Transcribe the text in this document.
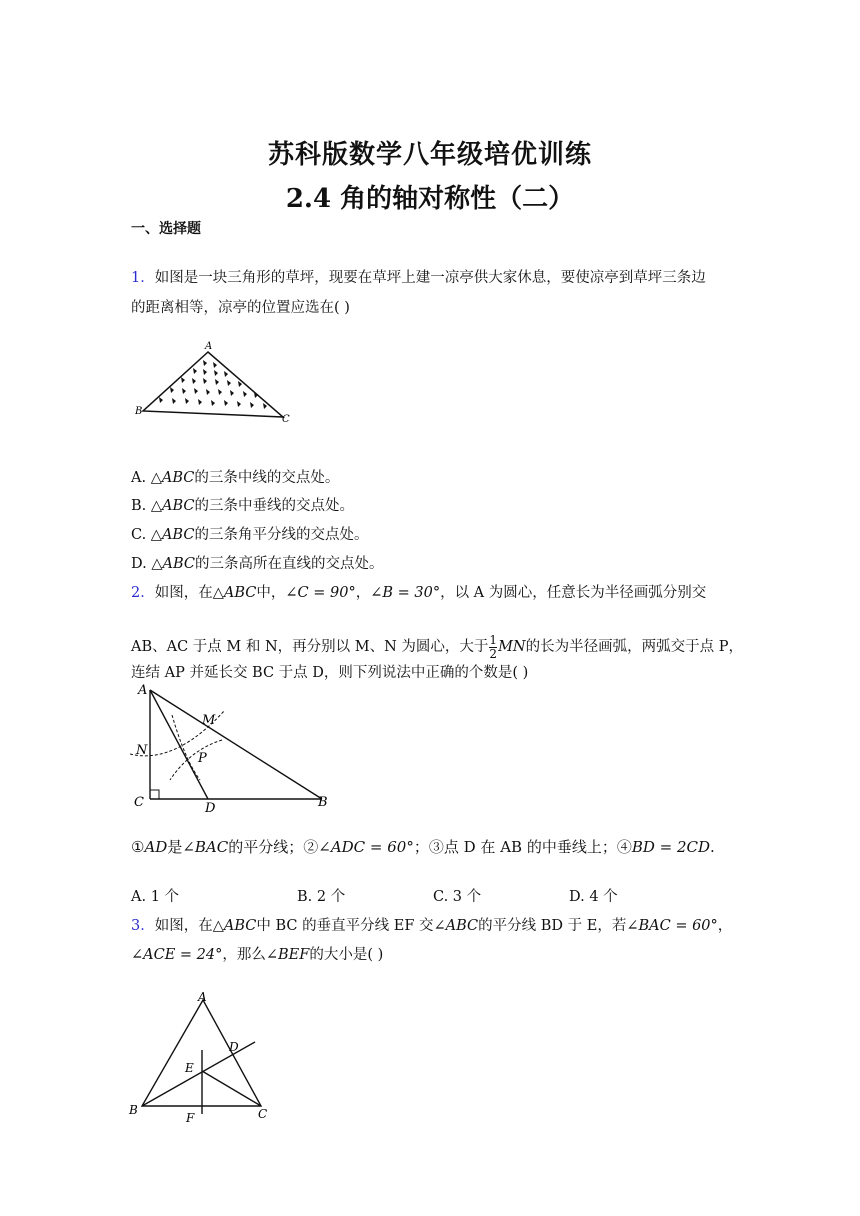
苏科版数学八年级培优训练
2.4 角的轴对称性（二）
一、选择题
1．如图是一块三角形的草坪，现要在草坪上建一凉亭供大家休息，要使凉亭到草坪三条边
的距离相等，凉亭的位置应选在( )
A
B
C
A. △ABC的三条中线的交点处。
B. △ABC的三条中垂线的交点处。
C. △ABC的三条角平分线的交点处。
D. △ABC的三条高所在直线的交点处。
2．如图，在△ABC中，∠C = 90°，∠B = 30°，以 A 为圆心，任意长为半径画弧分别交
AB、AC 于点 M 和 N，再分别以 M、N 为圆心，大于 $\frac{1}{2}$ MN的长为半径画弧，两弧交于点 P，
连结 AP 并延长交 BC 于点 D，则下列说法中正确的个数是( )
A
M
N
P
C	D	B
①AD是∠BAC的平分线；②∠ADC = 60°；③点 D 在 AB 的中垂线上；④BD = 2CD.
A. 1 个	B. 2 个	C. 3 个	D. 4 个
3．如图，在△ABC中 BC 的垂直平分线 EF 交∠ABC的平分线 BD 于 E，若∠BAC = 60°，
∠ACE = 24°，那么∠BEF的大小是( )
A
D
E
B
F	C
